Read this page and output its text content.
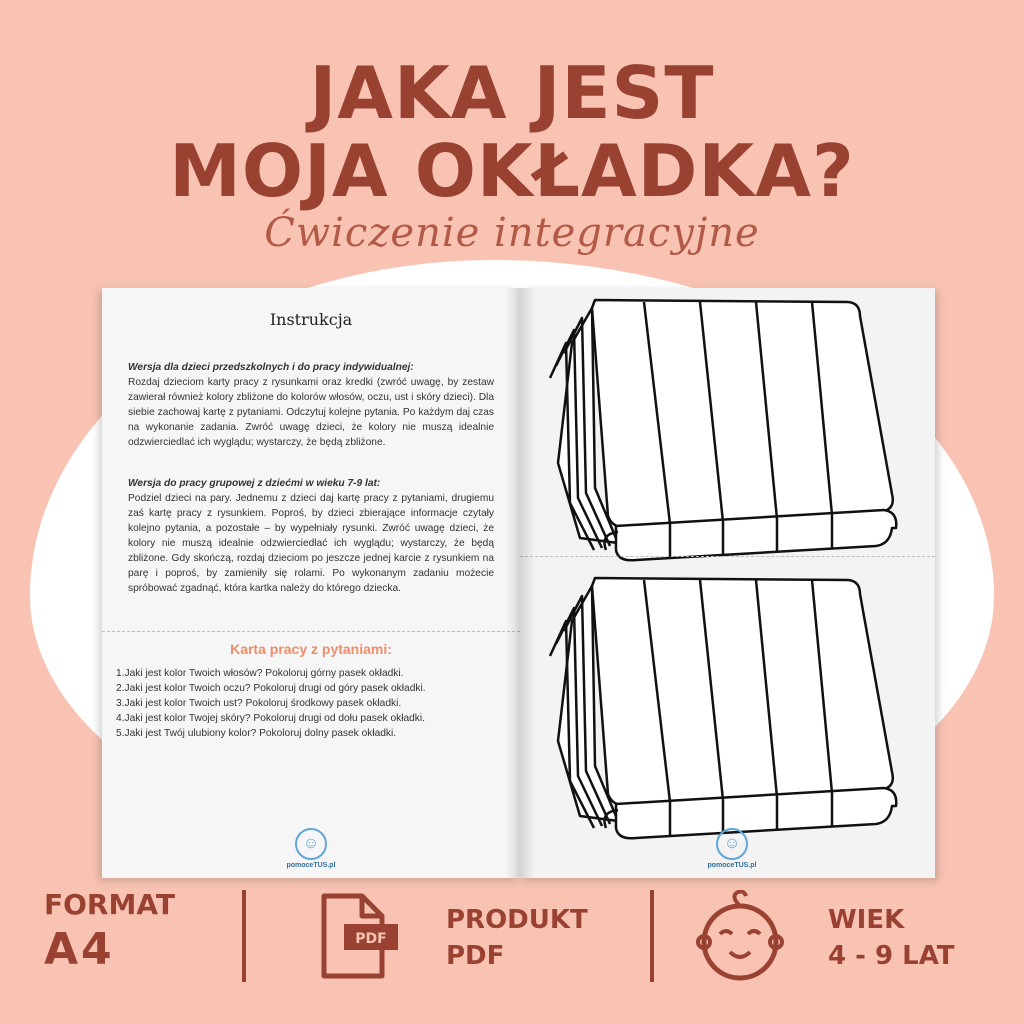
JAKA JEST
MOJA OKŁADKA?
Ćwiczenie integracyjne
Instrukcja
Wersja dla dzieci przedszkolnych i do pracy indywidualnej:
Rozdaj dzieciom karty pracy z rysunkami oraz kredki (zwróć uwagę, by zestaw zawierał również kolory zbliżone do kolorów włosów, oczu, ust i skóry dzieci). Dla siebie zachowaj kartę z pytaniami. Odczytuj kolejne pytania. Po każdym daj czas na wykonanie zadania. Zwróć uwagę dzieci, że kolory nie muszą idealnie odzwierciedlać ich wyglądu; wystarczy, że będą zbliżone.
Wersja do pracy grupowej z dziećmi w wieku 7-9 lat:
Podziel dzieci na pary. Jednemu z dzieci daj kartę pracy z pytaniami, drugiemu zaś kartę pracy z rysunkiem. Poproś, by dzieci zbierające informacje czytały kolejno pytania, a pozostałe – by wypełniały rysunki. Zwróć uwagę dzieci, że kolory nie muszą idealnie odzwierciedlać ich wyglądu; wystarczy, że będą zbliżone. Gdy skończą, rozdaj dzieciom po jeszcze jednej karcie z rysunkiem na parę i poproś, by zamieniły się rolami. Po wykonanym zadaniu możecie spróbować zgadnąć, która kartka należy do którego dziecka.
Karta pracy z pytaniami:
1.Jaki jest kolor Twoich włosów? Pokoloruj górny pasek okładki.
2.Jaki jest kolor Twoich oczu? Pokoloruj drugi od góry pasek okładki.
3.Jaki jest kolor Twoich ust? Pokoloruj środkowy pasek okładki.
4.Jaki jest kolor Twojej skóry? Pokoloruj drugi od dołu pasek okładki.
5.Jaki jest Twój ulubiony kolor? Pokoloruj dolny pasek okładki.
☺
pomoceTUS.pl
☺
pomoceTUS.pl
FORMAT
A4	PDF
PRODUKT
PDF
WIEK
4 - 9 LAT
